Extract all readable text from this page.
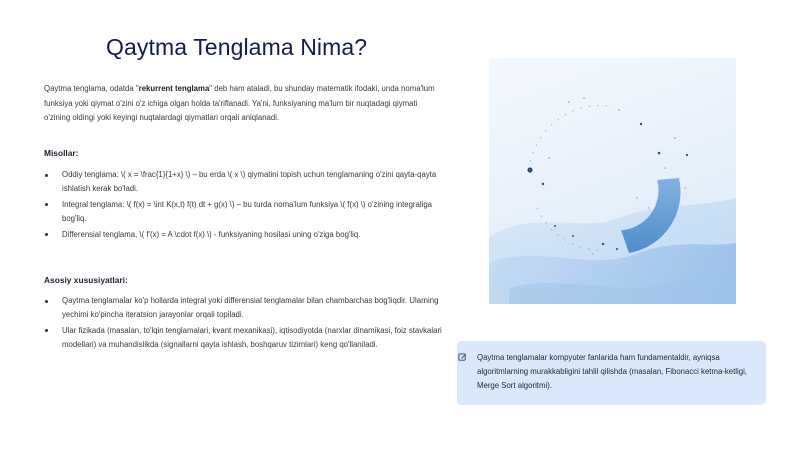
Qaytma Tenglama Nima?
Qaytma tenglama, odatda "rekurrent tenglama" deb ham ataladi, bu shunday matematik ifodaki, unda noma'lum funksiya yoki qiymat o'zini o'z ichiga olgan holda ta'riflanadi. Ya'ni, funksiyaning ma'lum bir nuqtadagi qiymati o'zining oldingi yoki keyingi nuqtalardagi qiymatlari orqali aniqlanadi.
Misollar:
Oddiy tenglama: \( x = \frac{1}{1+x} \) – bu erda \( x \) qiymatini topish uchun tenglamaning o'zini qayta-qayta ishlatish kerak bo'ladi.
Integral tenglama: \( f(x) = \int K(x,t) f(t) dt + g(x) \) – bu turda noma'lum funksiya \( f(x) \) o'zining integraliga bog'liq.
Differensial tenglama, \( f'(x) = A \cdot f(x) \) - funksiyaning hosilasi uning o'ziga bog'liq.
Asosiy xususiyatlari:
Qaytma tenglamalar ko'p hollarda integral yoki differensial tenglamalar bilan chambarchas bog'liqdir. Ularning yechimi ko'pincha iteratsion jarayonlar orqali topiladi.
Ular fizikada (masalan, to'lqin tenglamalari, kvant mexanikasi), iqtisodiyotda (narxlar dinamikasi, foiz stavkalari modellari) va muhandislikda (signallarni qayta ishlash, boshqaruv tizimlari) keng qo'llaniladi.
Qaytma tenglamalar kompyuter fanlarida ham fundamentaldir, ayniqsa algoritmlarning murakkabligini tahlil qilishda (masalan, Fibonacci ketma-ketligi, Merge Sort algoritmi).
